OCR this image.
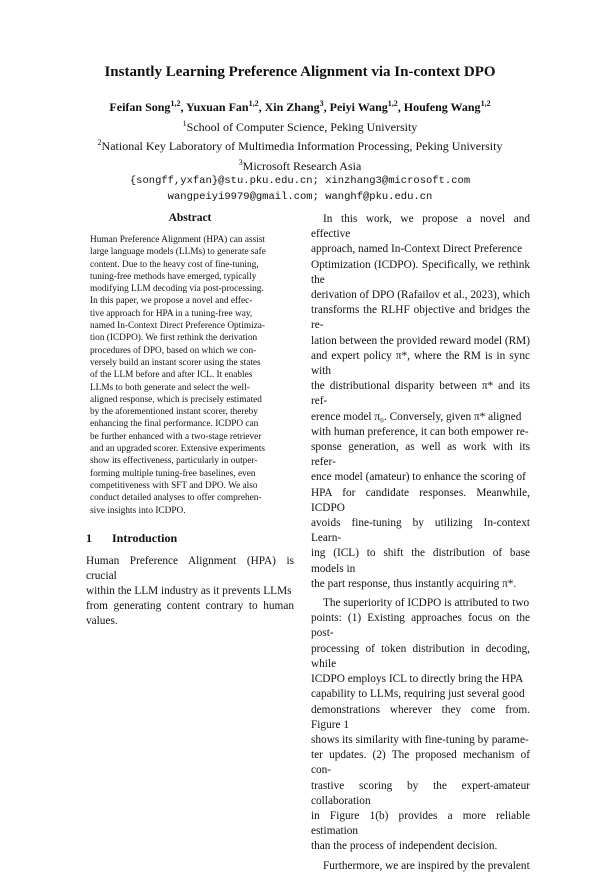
Instantly Learning Preference Alignment via In-context DPO
Feifan Song$^{1,2}$, Yuxuan Fan$^{1,2}$, Xin Zhang$^3$, Peiyi Wang$^{1,2}$, Houfeng Wang$^{1,2}$
$^1$School of Computer Science, Peking University
$^2$National Key Laboratory of Multimedia Information Processing, Peking University
$^3$Microsoft Research Asia
{songff,yxfan}@stu.pku.edu.cn; xinzhang3@microsoft.com
wangpeiyi9979@gmail.com; wanghf@pku.edu.cn
Abstract
Human Preference Alignment (HPA) can assist
large language models (LLMs) to generate safe
content. Due to the heavy cost of fine-tuning,
tuning-free methods have emerged, typically
modifying LLM decoding via post-processing.
In this paper, we propose a novel and effec-
tive approach for HPA in a tuning-free way,
named In-Context Direct Preference Optimiza-
tion (ICDPO). We first rethink the derivation
procedures of DPO, based on which we con-
versely build an instant scorer using the states
of the LLM before and after ICL. It enables
LLMs to both generate and select the well-
aligned response, which is precisely estimated
by the aforementioned instant scorer, thereby
enhancing the final performance. ICDPO can
be further enhanced with a two-stage retriever
and an upgraded scorer. Extensive experiments
show its effectiveness, particularly in outper-
forming multiple tuning-free baselines, even
competitiveness with SFT and DPO. We also
conduct detailed analyses to offer comprehen-
sive insights into ICDPO.
1 Introduction
Human Preference Alignment (HPA) is crucial
within the LLM industry as it prevents LLMs
from generating content contrary to human values.
In this work, we propose a novel and effective
approach, named In-Context Direct Preference
Optimization (ICDPO). Specifically, we rethink the
derivation of DPO (Rafailov et al., 2023), which
transforms the RLHF objective and bridges the re-
lation between the provided reward model (RM)
and expert policy π*, where the RM is in sync with
the distributional disparity between π* and its ref-
erence model π₀. Conversely, given π* aligned
with human preference, it can both empower re-
sponse generation, as well as work with its refer-
ence model (amateur) to enhance the scoring of
HPA for candidate responses. Meanwhile, ICDPO
avoids fine-tuning by utilizing In-context Learn-
ing (ICL) to shift the distribution of base models in
the part response, thus instantly acquiring π*.
The superiority of ICDPO is attributed to two
points: (1) Existing approaches focus on the post-
processing of token distribution in decoding, while
ICDPO employs ICL to directly bring the HPA
capability to LLMs, requiring just several good
demonstrations wherever they come from. Figure 1
shows its similarity with fine-tuning by parame-
ter updates. (2) The proposed mechanism of con-
trastive scoring by the expert-amateur collaboration
in Figure 1(b) provides a more reliable estimation
than the process of independent decision.
Furthermore, we are inspired by the prevalent
